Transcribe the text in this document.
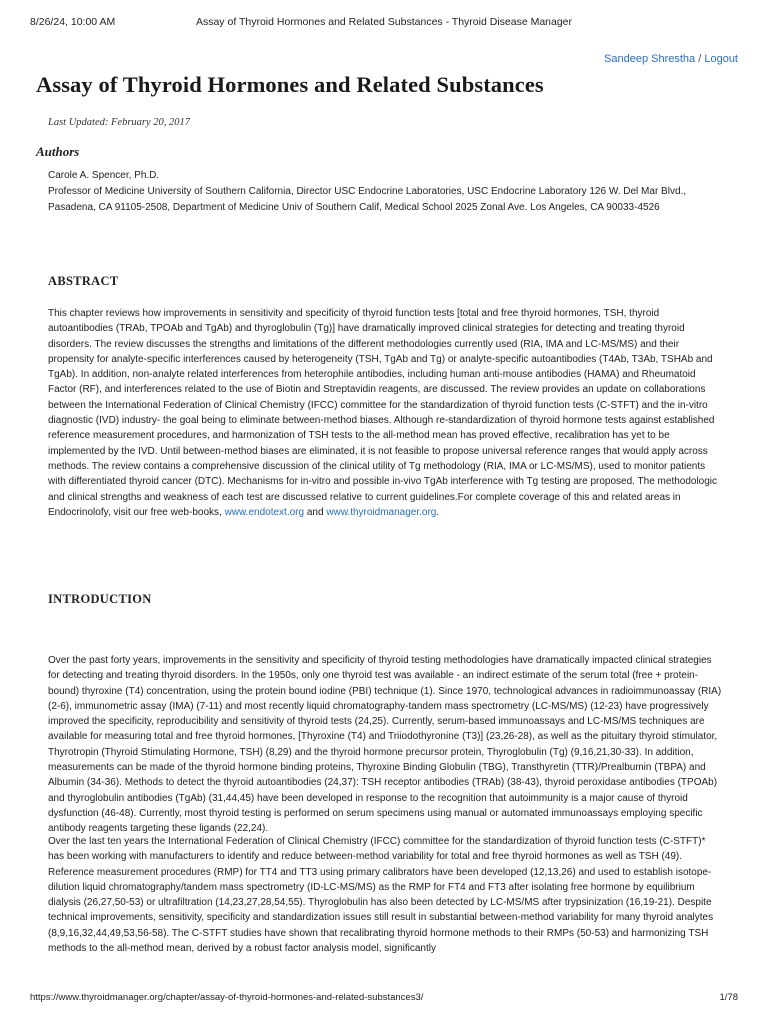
8/26/24, 10:00 AM	Assay of Thyroid Hormones and Related Substances - Thyroid Disease Manager
Sandeep Shrestha / Logout
Assay of Thyroid Hormones and Related Substances
Last Updated: February 20, 2017
Authors
Carole A. Spencer, Ph.D.
Professor of Medicine University of Southern California, Director USC Endocrine Laboratories, USC Endocrine Laboratory 126 W. Del Mar Blvd., Pasadena, CA 91105-2508, Department of Medicine Univ of Southern Calif, Medical School 2025 Zonal Ave. Los Angeles, CA 90033-4526
ABSTRACT

This chapter reviews how improvements in sensitivity and specificity of thyroid function tests [total and free thyroid hormones, TSH, thyroid autoantibodies (TRAb, TPOAb and TgAb) and thyroglobulin (Tg)] have dramatically improved clinical strategies for detecting and treating thyroid disorders. The review discusses the strengths and limitations of the different methodologies currently used (RIA, IMA and LC-MS/MS) and their propensity for analyte-specific interferences caused by heterogeneity (TSH, TgAb and Tg) or analyte-specific autoantibodies (T4Ab, T3Ab, TSHAb and TgAb). In addition, non-analyte related interferences from heterophile antibodies, including human anti-mouse antibodies (HAMA) and Rheumatoid Factor (RF), and interferences related to the use of Biotin and Streptavidin reagents, are discussed. The review provides an update on collaborations between the International Federation of Clinical Chemistry (IFCC) committee for the standardization of thyroid function tests (C-STFT) and the in-vitro diagnostic (IVD) industry- the goal being to eliminate between-method biases. Although re-standardization of thyroid hormone tests against established reference measurement procedures, and harmonization of TSH tests to the all-method mean has proved effective, recalibration has yet to be implemented by the IVD. Until between-method biases are eliminated, it is not feasible to propose universal reference ranges that would apply across methods. The review contains a comprehensive discussion of the clinical utility of Tg methodology (RIA, IMA or LC-MS/MS), used to monitor patients with differentiated thyroid cancer (DTC). Mechanisms for in-vitro and possible in-vivo TgAb interference with Tg testing are proposed. The methodologic and clinical strengths and weakness of each test are discussed relative to current guidelines.For complete coverage of this and related areas in Endocrinolofy, visit our free web-books, www.endotext.org and www.thyroidmanager.org.

INTRODUCTION

Over the past forty years, improvements in the sensitivity and specificity of thyroid testing methodologies have dramatically impacted clinical strategies for detecting and treating thyroid disorders. In the 1950s, only one thyroid test was available - an indirect estimate of the serum total (free + protein-bound) thyroxine (T4) concentration, using the protein bound iodine (PBI) technique (1). Since 1970, technological advances in radioimmunoassay (RIA) (2-6), immunometric assay (IMA) (7-11) and most recently liquid chromatography-tandem mass spectrometry (LC-MS/MS) (12-23) have progressively improved the specificity, reproducibility and sensitivity of thyroid tests (24,25). Currently, serum-based immunoassays and LC-MS/MS techniques are available for measuring total and free thyroid hormones, [Thyroxine (T4) and Triiodothyronine (T3)] (23,26-28), as well as the pituitary thyroid stimulator, Thyrotropin (Thyroid Stimulating Hormone, TSH) (8,29) and the thyroid hormone precursor protein, Thyroglobulin (Tg) (9,16,21,30-33). In addition, measurements can be made of the thyroid hormone binding proteins, Thyroxine Binding Globulin (TBG), Transthyretin (TTR)/Prealbumin (TBPA) and Albumin (34-36). Methods to detect the thyroid autoantibodies (24,37): TSH receptor antibodies (TRAb) (38-43), thyroid peroxidase antibodies (TPOAb) and thyroglobulin antibodies (TgAb) (31,44,45) have been developed in response to the recognition that autoimmunity is a major cause of thyroid dysfunction (46-48). Currently, most thyroid testing is performed on serum specimens using manual or automated immunoassays employing specific antibody reagents targeting these ligands (22,24).

Over the last ten years the International Federation of Clinical Chemistry (IFCC) committee for the standardization of thyroid function tests (C-STFT)* has been working with manufacturers to identify and reduce between-method variability for total and free thyroid hormones as well as TSH (49). Reference measurement procedures (RMP) for TT4 and TT3 using primary calibrators have been developed (12,13,26) and used to establish isotope-dilution liquid chromatography/tandem mass spectrometry (ID-LC-MS/MS) as the RMP for FT4 and FT3 after isolating free hormone by equilibrium dialysis (26,27,50-53) or ultrafiltration (14,23,27,28,54,55). Thyroglobulin has also been detected by LC-MS/MS after trypsinization (16,19-21). Despite technical improvements, sensitivity, specificity and standardization issues still result in substantial between-method variability for many thyroid analytes (8,9,16,32,44,49,53,56-58). The C-STFT studies have shown that recalibrating thyroid hormone methods to their RMPs (50-53) and harmonizing TSH methods to the all-method mean, derived by a robust factor analysis model, significantly

https://www.thyroidmanager.org/chapter/assay-of-thyroid-hormones-and-related-substances3/	1/78
